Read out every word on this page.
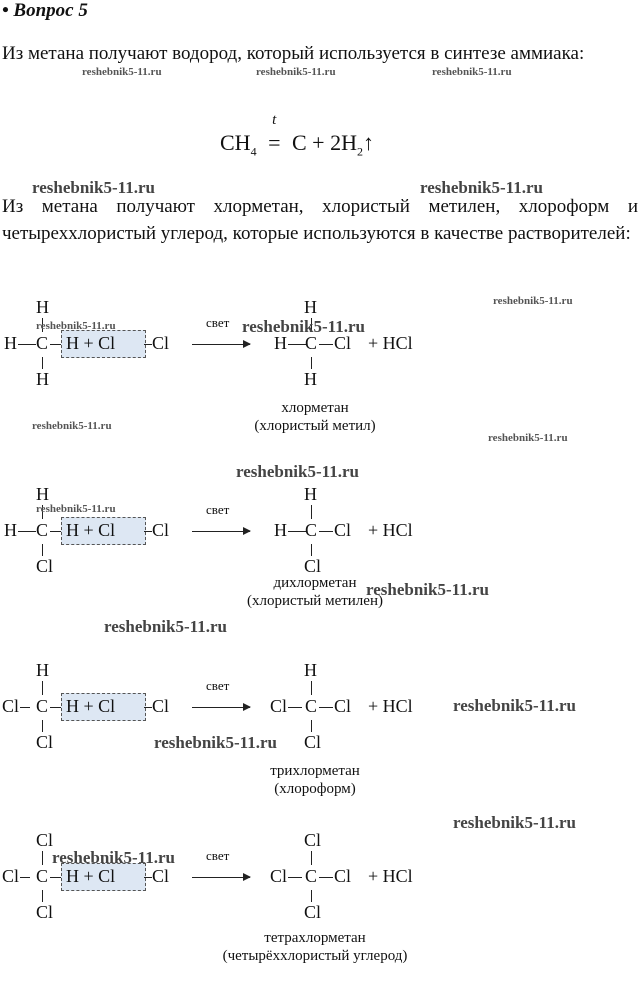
• Вопрос 5
Из метана получают водород, который используется в синтезе аммиака:
reshebnik5-11.ru	reshebnik5-11.ru	reshebnik5-11.ru
$CH_4$
t
= $C + 2H_2↑$
reshebnik5-11.ru	reshebnik5-11.ru
Из метана получают хлорметан, хлористый метилен, хлороформ и четыреххлористый углерод, которые используются в качестве растворителей:
H
H C H + Cl Cl
H
свет
H
H C Cl + HCl
H
хлорметан
(хлористый метил)
H
H C H + Cl Cl
Cl
свет
H
H C Cl + HCl
Cl
дихлорметан
(хлористый метилен)
H
Cl C H + Cl Cl
Cl
свет
H
Cl C Cl + HCl
Cl
трихлорметан
(хлороформ)
Cl
Cl C H + Cl Cl
Cl
свет
Cl
Cl C Cl + HCl
Cl
тетрахлорметан
(четырёххлористый углерод)
reshebnik5-11.ru
reshebnik5-11.ru	reshebnik5-11.ru
reshebnik5-11.ru
reshebnik5-11.ru
reshebnik5-11.ru
reshebnik5-11.ru
reshebnik5-11.ru
reshebnik5-11.ru
reshebnik5-11.ru
reshebnik5-11.ru
reshebnik5-11.ru
reshebnik5-11.ru
